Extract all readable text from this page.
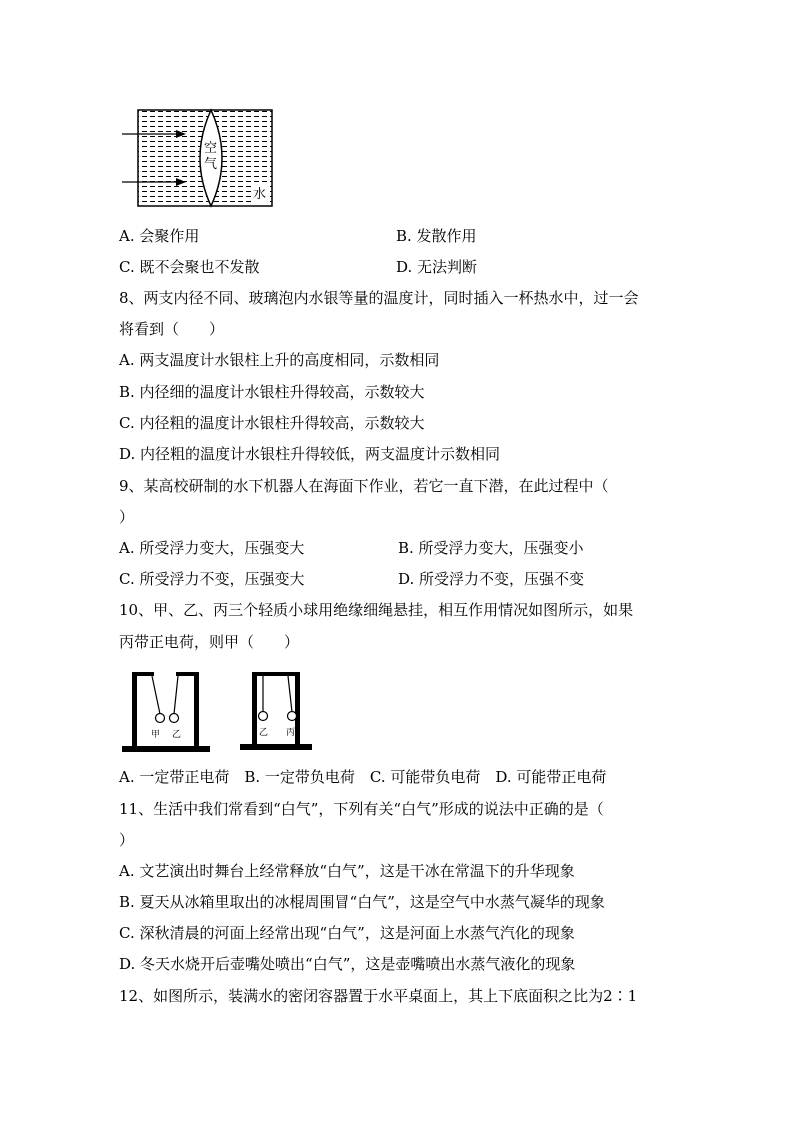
空
气
水
A. 会聚作用	B. 发散作用
C. 既不会聚也不发散	D. 无法判断
8、两支内径不同、玻璃泡内水银等量的温度计，同时插入一杯热水中，过一会
将看到（　　）
A. 两支温度计水银柱上升的高度相同，示数相同
B. 内径细的温度计水银柱升得较高，示数较大
C. 内径粗的温度计水银柱升得较高，示数较大
D. 内径粗的温度计水银柱升得较低，两支温度计示数相同
9、某高校研制的水下机器人在海面下作业，若它一直下潜，在此过程中（
）
A. 所受浮力变大，压强变大	B. 所受浮力变大，压强变小
C. 所受浮力不变，压强变大	D. 所受浮力不变，压强不变
10、甲、乙、丙三个轻质小球用绝缘细绳悬挂，相互作用情况如图所示，如果
丙带正电荷，则甲（　　）
甲 乙	乙 丙
A. 一定带正电荷　B. 一定带负电荷　C. 可能带负电荷　D. 可能带正电荷
11、生活中我们常看到“白气”，下列有关“白气”形成的说法中正确的是（
）
A. 文艺演出时舞台上经常释放“白气”，这是干冰在常温下的升华现象
B. 夏天从冰箱里取出的冰棍周围冒“白气”，这是空气中水蒸气凝华的现象
C. 深秋清晨的河面上经常出现“白气”，这是河面上水蒸气汽化的现象
D. 冬天水烧开后壶嘴处喷出“白气”，这是壶嘴喷出水蒸气液化的现象
12、如图所示，装满水的密闭容器置于水平桌面上，其上下底面积之比为2∶1
